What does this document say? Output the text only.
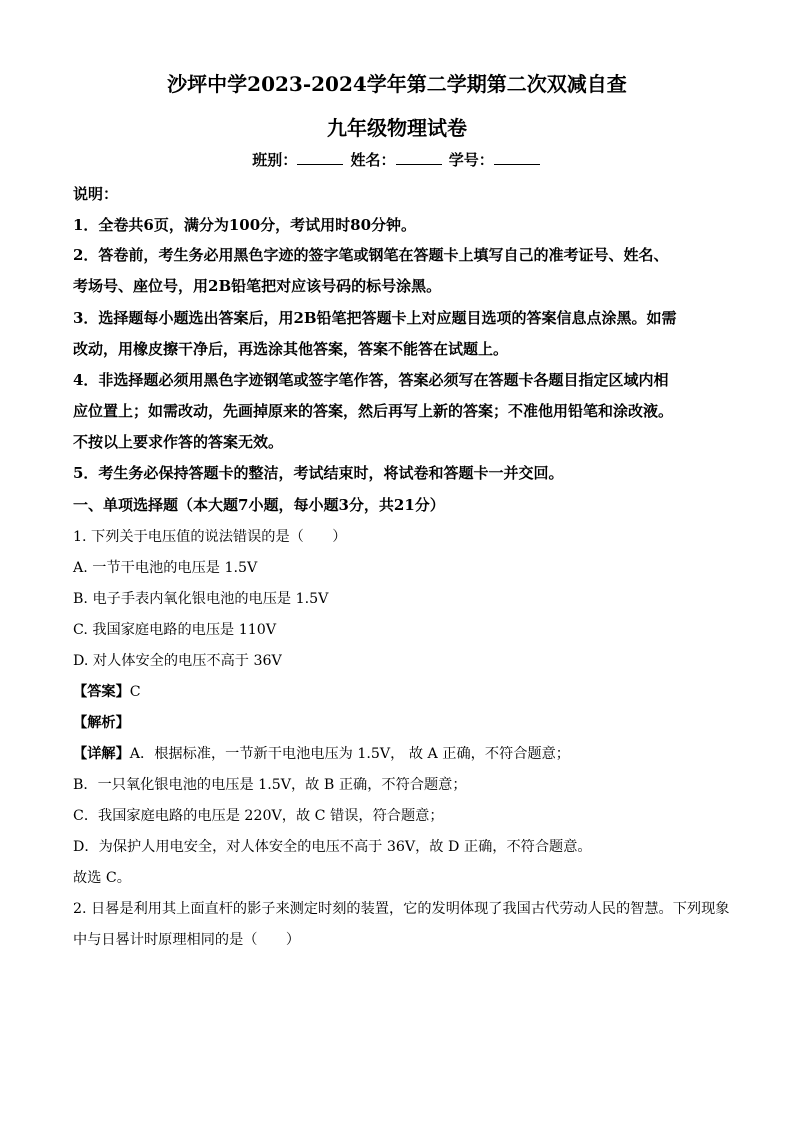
沙坪中学2023-2024学年第二学期第二次双减自查
九年级物理试卷
班别：	姓名：	学号：
说明：
1．全卷共6页，满分为100分，考试用时80分钟。
2．答卷前，考生务必用黑色字迹的签字笔或钢笔在答题卡上填写自己的准考证号、姓名、
考场号、座位号，用2B铅笔把对应该号码的标号涂黑。
3．选择题每小题选出答案后，用2B铅笔把答题卡上对应题目选项的答案信息点涂黑。如需
改动，用橡皮擦干净后，再选涂其他答案，答案不能答在试题上。
4．非选择题必须用黑色字迹钢笔或签字笔作答，答案必须写在答题卡各题目指定区域内相
应位置上；如需改动，先画掉原来的答案，然后再写上新的答案；不准他用铅笔和涂改液。
不按以上要求作答的答案无效。
5．考生务必保持答题卡的整洁，考试结束时，将试卷和答题卡一并交回。
一、单项选择题（本大题7小题，每小题3分，共21分）
1. 下列关于电压值的说法错误的是（　　）
A. 一节干电池的电压是 1.5V
B. 电子手表内氧化银电池的电压是 1.5V
C. 我国家庭电路的电压是 110V
D. 对人体安全的电压不高于 36V
【答案】C
【解析】
【详解】A．根据标准，一节新干电池电压为 1.5V， 故 A 正确，不符合题意；
B．一只氧化银电池的电压是 1.5V，故 B 正确，不符合题意；
C．我国家庭电路的电压是 220V，故 C 错误，符合题意；
D．为保护人用电安全，对人体安全的电压不高于 36V，故 D 正确，不符合题意。
故选 C。
2. 日晷是利用其上面直杆的影子来测定时刻的装置，它的发明体现了我国古代劳动人民的智慧。下列现象
中与日晷计时原理相同的是（　　）
